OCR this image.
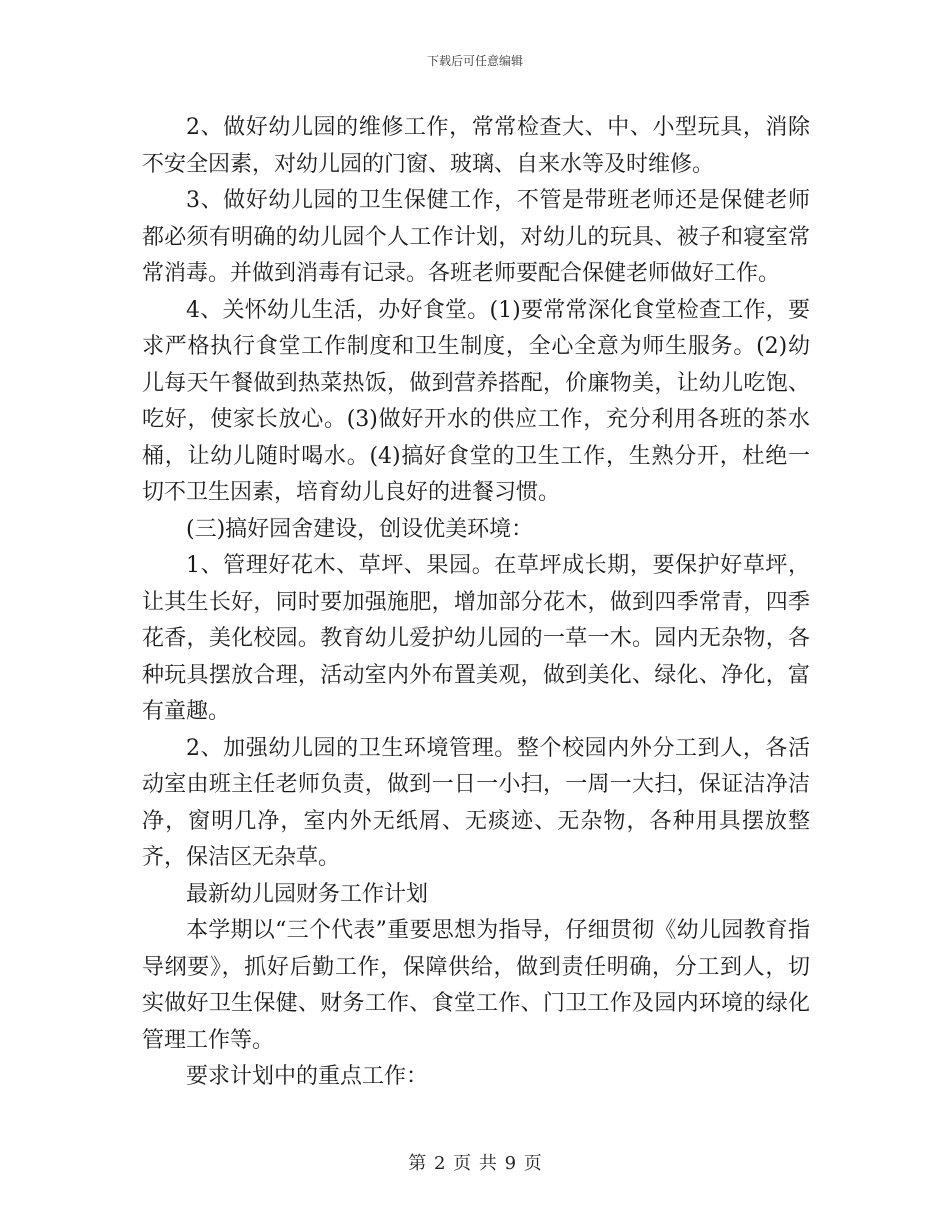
下载后可任意编辑

2、做好幼儿园的维修工作，常常检查大、中、小型玩具，消除不安全因素，对幼儿园的门窗、玻璃、自来水等及时维修。

3、做好幼儿园的卫生保健工作，不管是带班老师还是保健老师都必须有明确的幼儿园个人工作计划，对幼儿的玩具、被子和寝室常常消毒。并做到消毒有记录。各班老师要配合保健老师做好工作。

4、关怀幼儿生活，办好食堂。(1)要常常深化食堂检查工作，要求严格执行食堂工作制度和卫生制度，全心全意为师生服务。(2)幼儿每天午餐做到热菜热饭，做到营养搭配，价廉物美，让幼儿吃饱、吃好，使家长放心。(3)做好开水的供应工作，充分利用各班的茶水桶，让幼儿随时喝水。(4)搞好食堂的卫生工作，生熟分开，杜绝一切不卫生因素，培育幼儿良好的进餐习惯。

(三)搞好园舍建设，创设优美环境：

1、管理好花木、草坪、果园。在草坪成长期，要保护好草坪，让其生长好，同时要加强施肥，增加部分花木，做到四季常青，四季花香，美化校园。教育幼儿爱护幼儿园的一草一木。园内无杂物，各种玩具摆放合理，活动室内外布置美观，做到美化、绿化、净化，富有童趣。

2、加强幼儿园的卫生环境管理。整个校园内外分工到人，各活动室由班主任老师负责，做到一日一小扫，一周一大扫，保证洁净洁净，窗明几净，室内外无纸屑、无痰迹、无杂物，各种用具摆放整齐，保洁区无杂草。

最新幼儿园财务工作计划

本学期以“三个代表”重要思想为指导，仔细贯彻《幼儿园教育指导纲要》，抓好后勤工作，保障供给，做到责任明确，分工到人，切实做好卫生保健、财务工作、食堂工作、门卫工作及园内环境的绿化管理工作等。

要求计划中的重点工作：

第 2 页 共 9 页
